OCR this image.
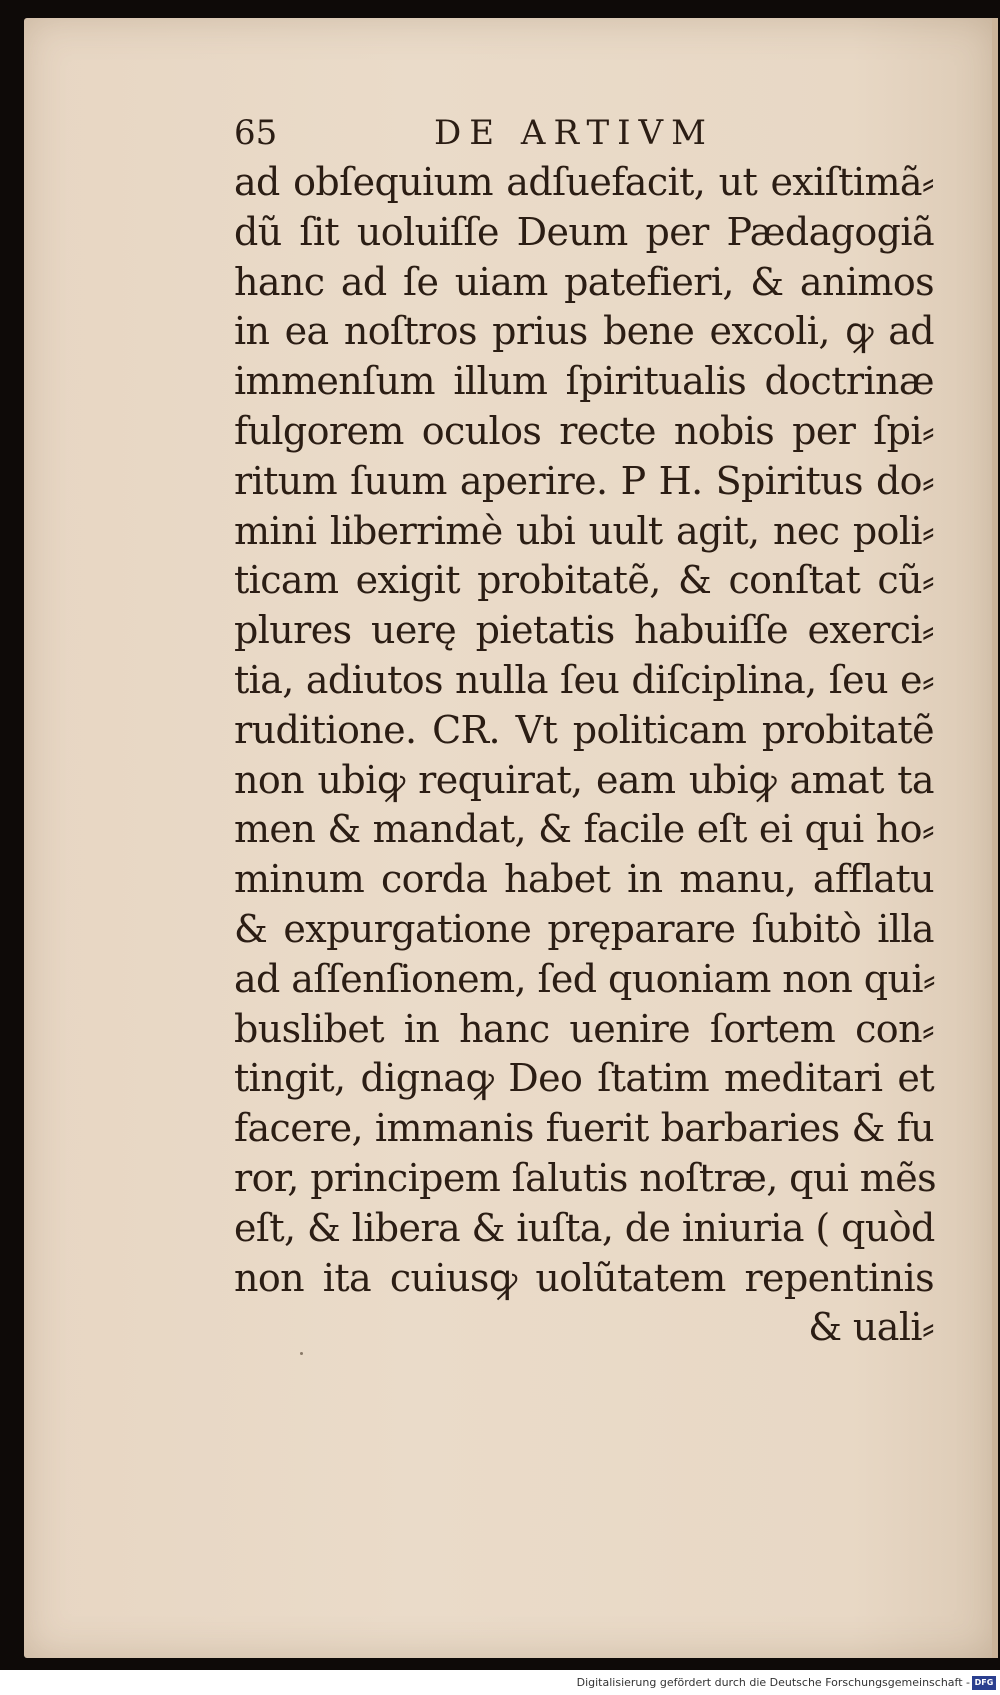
65	DE ARTIVM
ad obſequium adſuefacit, ut exiſtimã⸗
dũ ſit uoluiſſe Deum per Pædagogiã
hanc ad ſe uiam patefieri, & animos
in ea noſtros prius bene excoli, ꝙ ad
immenſum illum ſpiritualis doctrinæ
fulgorem oculos recte nobis per ſpi⸗
ritum ſuum aperire. P H. Spiritus do⸗
mini liberrimè ubi uult agit, nec poli⸗
ticam exigit probitatẽ, & conſtat cũ⸗
plures uerę pietatis habuiſſe exerci⸗
tia, adiutos nulla ſeu diſciplina, ſeu e⸗
ruditione. CR. Vt politicam probitatẽ
non ubiꝙ requirat, eam ubiꝙ amat ta
men & mandat, & facile eſt ei qui ho⸗
minum corda habet in manu, afflatu
& expurgatione pręparare ſubitò illa
ad aſſenſionem, ſed quoniam non qui⸗
buslibet in hanc uenire ſortem con⸗
tingit, dignaꝙ Deo ſtatim meditari et
facere, immanis fuerit barbaries & fu
ror, principem ſalutis noſtræ, qui mẽs
eſt, & libera & iuſta, de iniuria ( quòd
non ita cuiusꝙ uolũtatem repentinis
& uali⸗
Digitalisierung gefördert durch die Deutsche Forschungsgemeinschaft - DFG
